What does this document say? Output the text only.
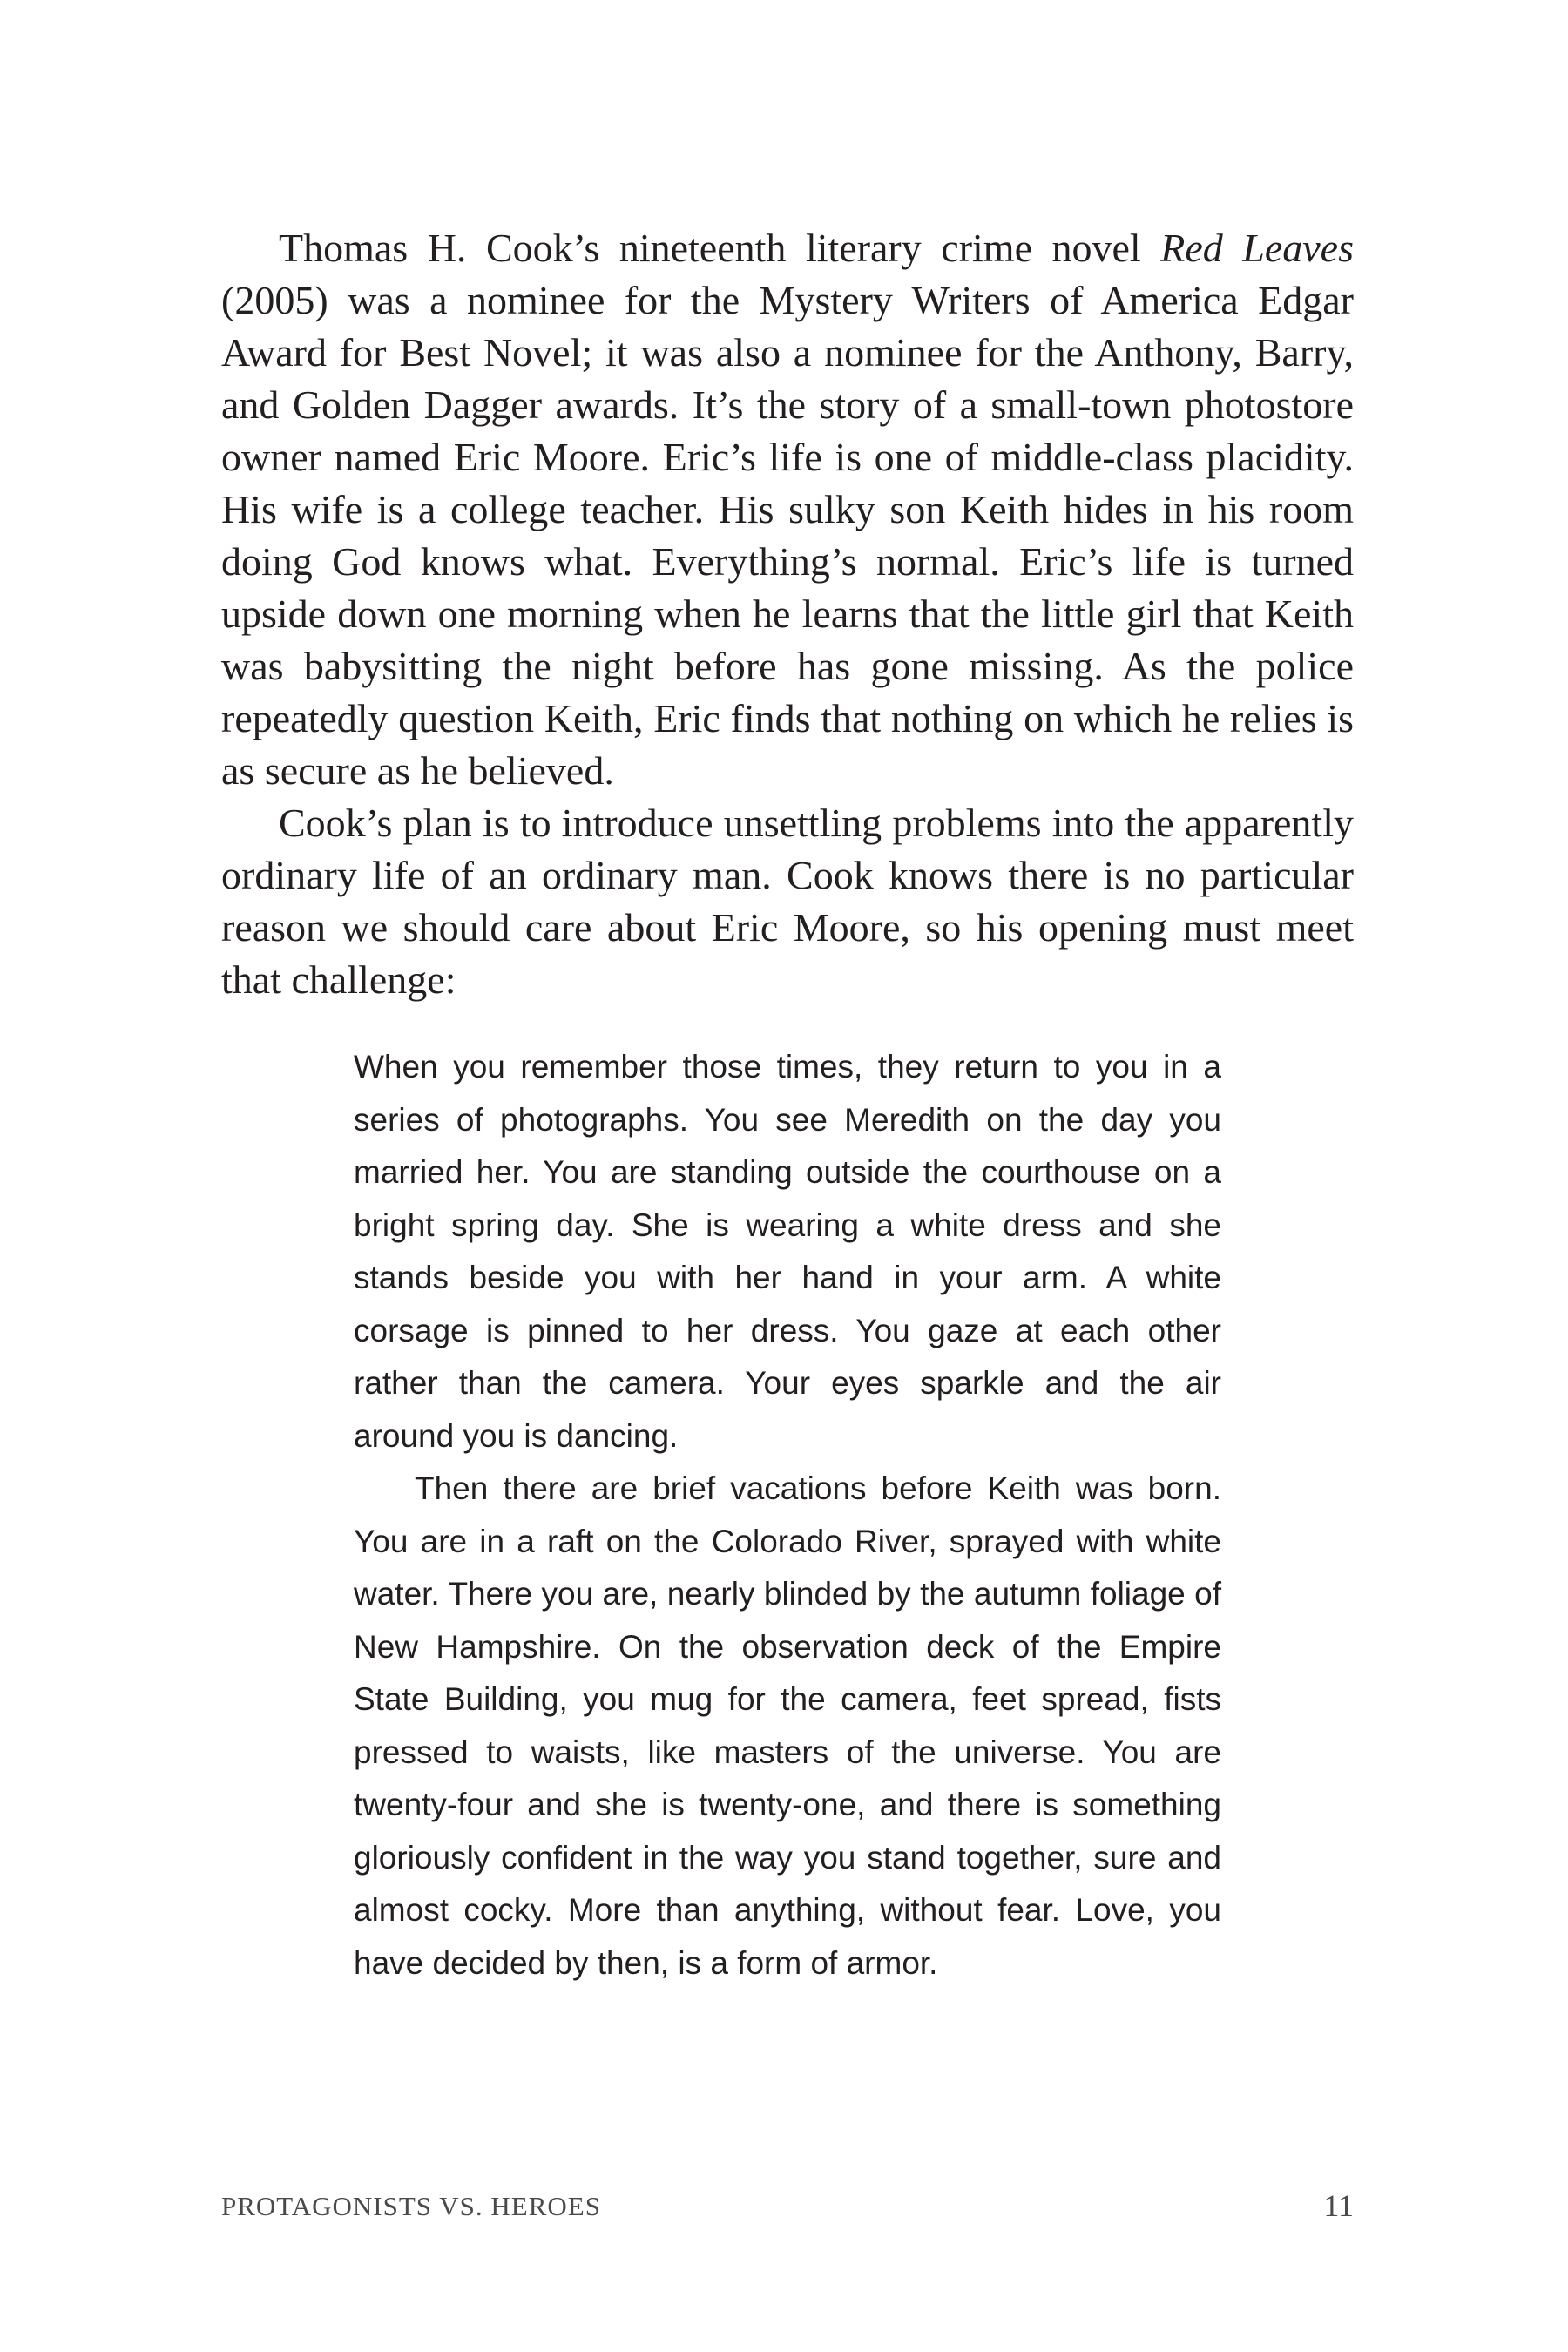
Thomas H. Cook’s nineteenth literary crime novel Red Leaves (2005) was a nominee for the Mystery Writers of America Edgar Award for Best Novel; it was also a nominee for the Anthony, Barry, and Golden Dagger awards. It’s the story of a small-town photostore owner named Eric Moore. Eric’s life is one of middle-class placidity. His wife is a college teacher. His sulky son Keith hides in his room doing God knows what. Everything’s normal. Eric’s life is turned upside down one morning when he learns that the little girl that Keith was babysitting the night before has gone missing. As the police repeatedly question Keith, Eric finds that nothing on which he relies is as secure as he believed.

Cook’s plan is to introduce unsettling problems into the apparently ordinary life of an ordinary man. Cook knows there is no particular reason we should care about Eric Moore, so his opening must meet that challenge:

When you remember those times, they return to you in a series of photographs. You see Meredith on the day you married her. You are standing outside the courthouse on a bright spring day. She is wearing a white dress and she stands beside you with her hand in your arm. A white corsage is pinned to her dress. You gaze at each other rather than the camera. Your eyes sparkle and the air around you is dancing.

Then there are brief vacations before Keith was born. You are in a raft on the Colorado River, sprayed with white water. There you are, nearly blinded by the autumn foliage of New Hampshire. On the observation deck of the Empire State Building, you mug for the camera, feet spread, fists pressed to waists, like masters of the universe. You are twenty-four and she is twenty-one, and there is something gloriously confident in the way you stand together, sure and almost cocky. More than anything, without fear. Love, you have decided by then, is a form of armor.

PROTAGONISTS VS. HEROES	11
